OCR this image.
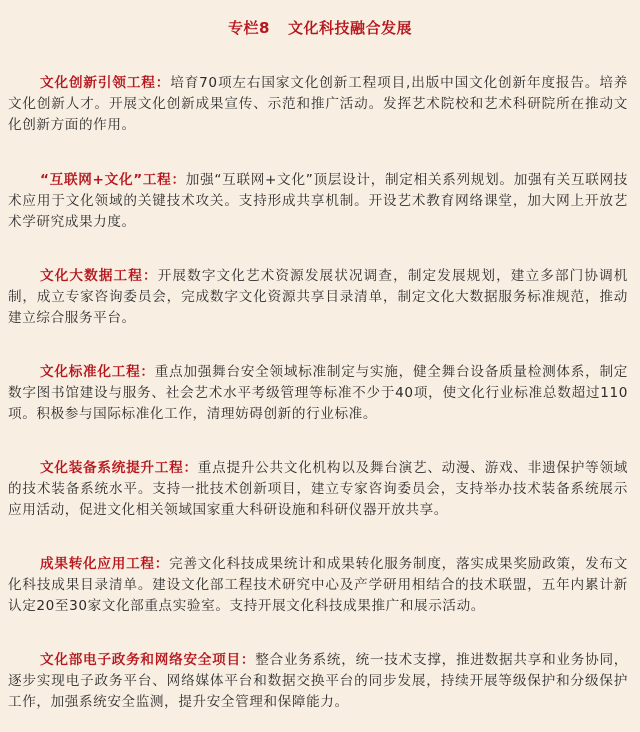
专栏8 文化科技融合发展

文化创新引领工程：培育70项左右国家文化创新工程项目,出版中国文化创新年度报告。培养文化创新人才。开展文化创新成果宣传、示范和推广活动。发挥艺术院校和艺术科研院所在推动文化创新方面的作用。

“互联网+文化”工程：加强“互联网+文化”顶层设计，制定相关系列规划。加强有关互联网技术应用于文化领域的关键技术攻关。支持形成共享机制。开设艺术教育网络课堂，加大网上开放艺术学研究成果力度。

文化大数据工程：开展数字文化艺术资源发展状况调查，制定发展规划，建立多部门协调机制，成立专家咨询委员会，完成数字文化资源共享目录清单，制定文化大数据服务标准规范，推动建立综合服务平台。

文化标准化工程：重点加强舞台安全领域标准制定与实施，健全舞台设备质量检测体系，制定数字图书馆建设与服务、社会艺术水平考级管理等标准不少于40项，使文化行业标准总数超过110项。积极参与国际标准化工作，清理妨碍创新的行业标准。

文化装备系统提升工程：重点提升公共文化机构以及舞台演艺、动漫、游戏、非遗保护等领域的技术装备系统水平。支持一批技术创新项目，建立专家咨询委员会，支持举办技术装备系统展示应用活动，促进文化相关领域国家重大科研设施和科研仪器开放共享。

成果转化应用工程：完善文化科技成果统计和成果转化服务制度，落实成果奖励政策，发布文化科技成果目录清单。建设文化部工程技术研究中心及产学研用相结合的技术联盟，五年内累计新认定20至30家文化部重点实验室。支持开展文化科技成果推广和展示活动。

文化部电子政务和网络安全项目：整合业务系统，统一技术支撑，推进数据共享和业务协同，逐步实现电子政务平台、网络媒体平台和数据交换平台的同步发展，持续开展等级保护和分级保护工作，加强系统安全监测，提升安全管理和保障能力。
